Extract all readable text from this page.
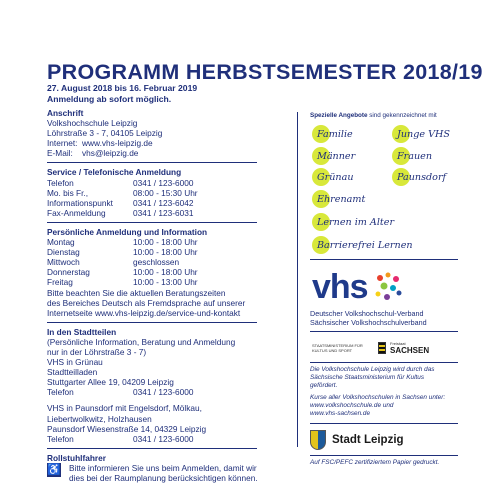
PROGRAMM HERBSTSEMESTER 2018/19
27. August 2018 bis 16. Februar 2019
Anmeldung ab sofort möglich.
Anschrift
Volkshochschule Leipzig
Löhrstraße 3 - 7, 04105 Leipzig
Internet:  www.vhs-leipzig.de
E-Mail:    vhs@leipzig.de
Service / Telefonische Anmeldung
Telefon	0341 / 123-6000
Mo. bis Fr.,	08:00 - 15:30 Uhr
Informationspunkt	0341 / 123-6042
Fax-Anmeldung	0341 / 123-6031
Persönliche Anmeldung und Information
Montag	10:00 - 18:00 Uhr
Dienstag	10:00 - 18:00 Uhr
Mittwoch	geschlossen
Donnerstag	10:00 - 18:00 Uhr
Freitag	10:00 - 13:00 Uhr
Bitte beachten Sie die aktuellen Beratungszeiten
des Bereiches Deutsch als Fremdsprache auf unserer
Internetseite www.vhs-leipzig.de/service-und-kontakt
In den Stadtteilen
(Persönliche Information, Beratung und Anmeldung
nur in der Löhrstraße 3 - 7)
VHS in Grünau
Stadtteilladen
Stuttgarter Allee 19, 04209 Leipzig
Telefon	0341 / 123-6000
VHS in Paunsdorf mit Engelsdorf, Mölkau,
Liebertwolkwitz, Holzhausen
Paunsdorf Wiesenstraße 14, 04329 Leipzig
Telefon	0341 / 123-6000
Rollstuhlfahrer
♿ Bitte informieren Sie uns beim Anmelden, damit wir
dies bei der Raumplanung berücksichtigen können.
Spezielle Angebote sind gekennzeichnet mit
Familie	Junge VHS
Männer	Frauen
Grünau	Paunsdorf
Ehrenamt
Lernen im Alter
Barrierefrei Lernen
vhs
Deutscher Volkshochschul-Verband
Sächsischer Volkshochschulverband
STAATSMINISTERIUM FÜR KULTUS UND SPORT
Freistaat
SACHSEN
Die Volkshochschule Leipzig wird durch das
Sächsische Staatsministerium für Kultus
gefördert.
Kurse aller Volkshochschulen in Sachsen unter:
www.volkshochschule.de und
www.vhs-sachsen.de
Stadt Leipzig
Auf FSC/PEFC zertifiziertem Papier gedruckt.
